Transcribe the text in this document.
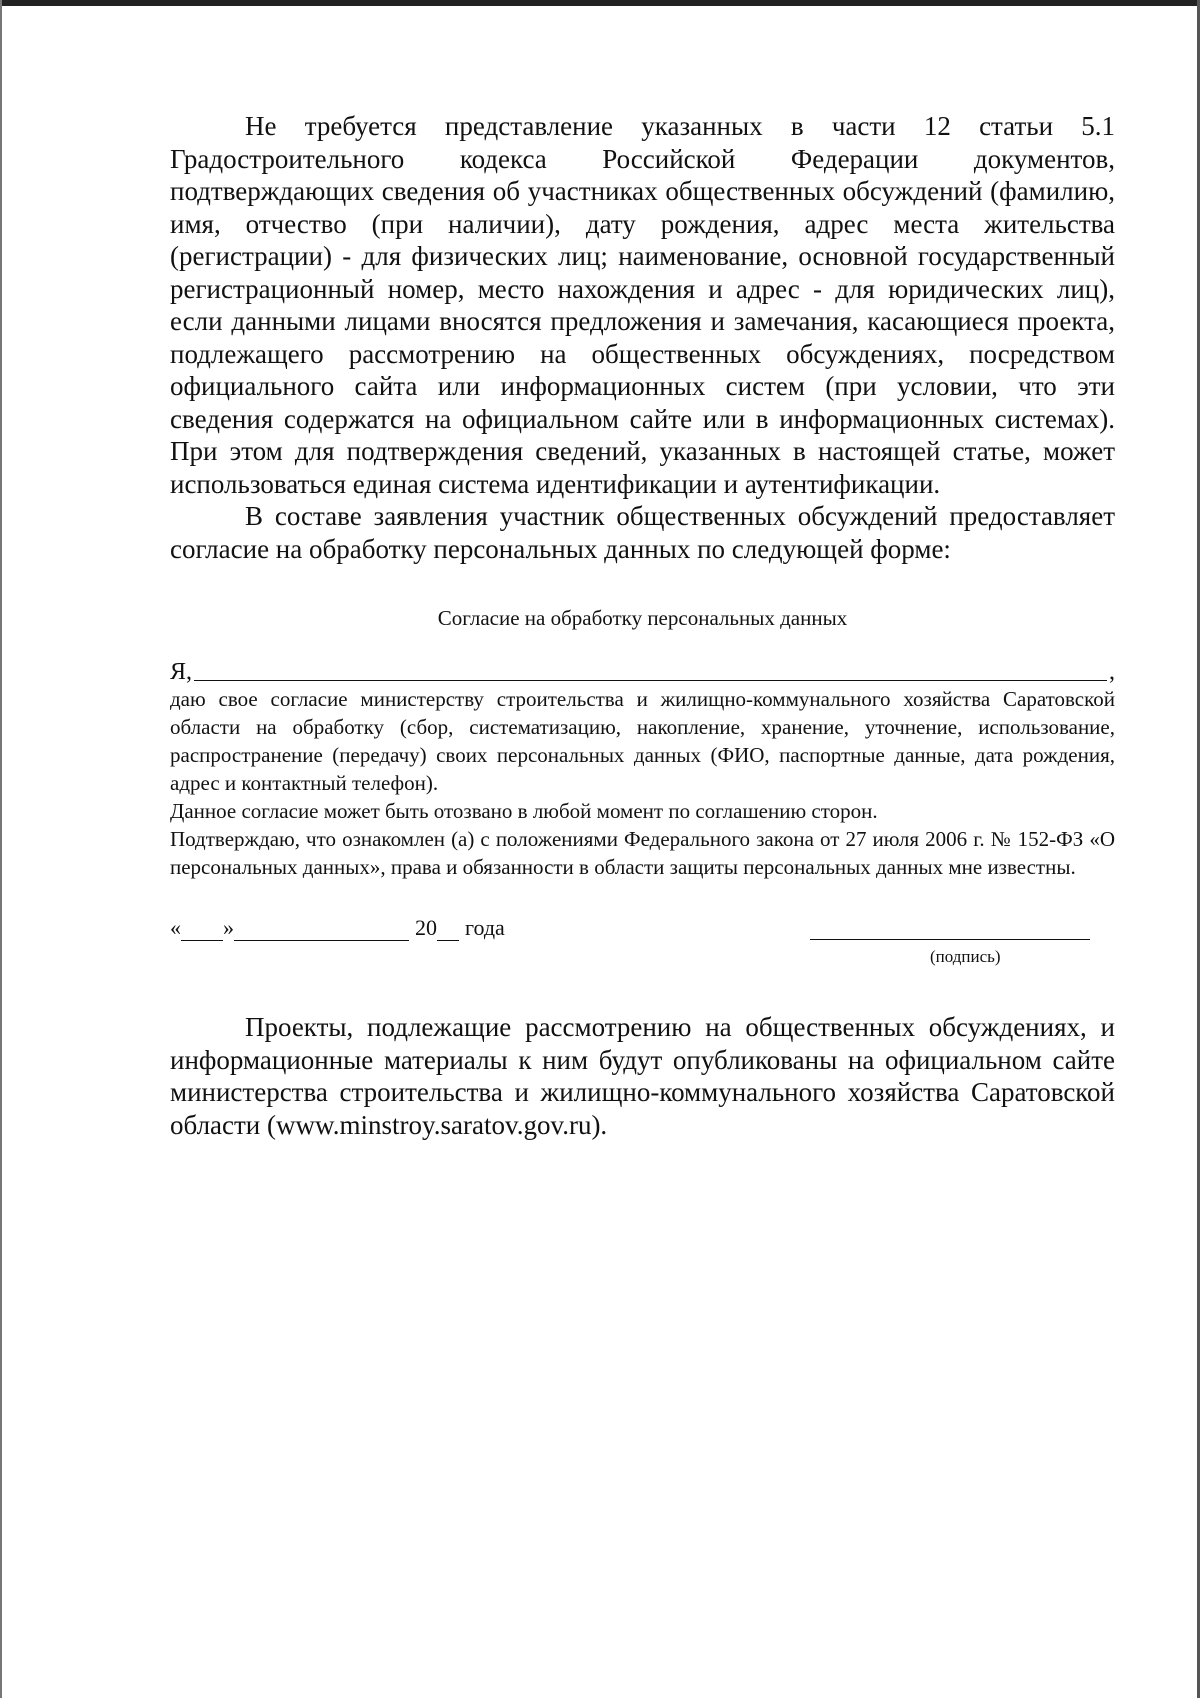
Не требуется представление указанных в части 12 статьи 5.1 Градостроительного кодекса Российской Федерации документов, подтверждающих сведения об участниках общественных обсуждений (фамилию, имя, отчество (при наличии), дату рождения, адрес места жительства (регистрации) - для физических лиц; наименование, основной государственный регистрационный номер, место нахождения и адрес - для юридических лиц), если данными лицами вносятся предложения и замечания, касающиеся проекта, подлежащего рассмотрению на общественных обсуждениях, посредством официального сайта или информационных систем (при условии, что эти сведения содержатся на официальном сайте или в информационных системах). При этом для подтверждения сведений, указанных в настоящей статье, может использоваться единая система идентификации и аутентификации.

В составе заявления участник общественных обсуждений предоставляет согласие на обработку персональных данных по следующей форме:

Согласие на обработку персональных данных
Я,	,

даю свое согласие министерству строительства и жилищно-коммунального хозяйства Саратовской области на обработку (сбор, систематизацию, накопление, хранение, уточнение, использование, распространение (передачу) своих персональных данных (ФИО, паспортные данные, дата рождения, адрес и контактный телефон).

Данное согласие может быть отозвано в любой момент по соглашению сторон.

Подтверждаю, что ознакомлен (а) с положениями Федерального закона от 27 июля 2006 г. № 152-ФЗ «О персональных данных», права и обязанности в области защиты персональных данных мне известны.

« »	20 года
(подпись)

Проекты, подлежащие рассмотрению на общественных обсуждениях, и информационные материалы к ним будут опубликованы на официальном сайте министерства строительства и жилищно-коммунального хозяйства Саратовской области (www.minstroy.saratov.gov.ru).
